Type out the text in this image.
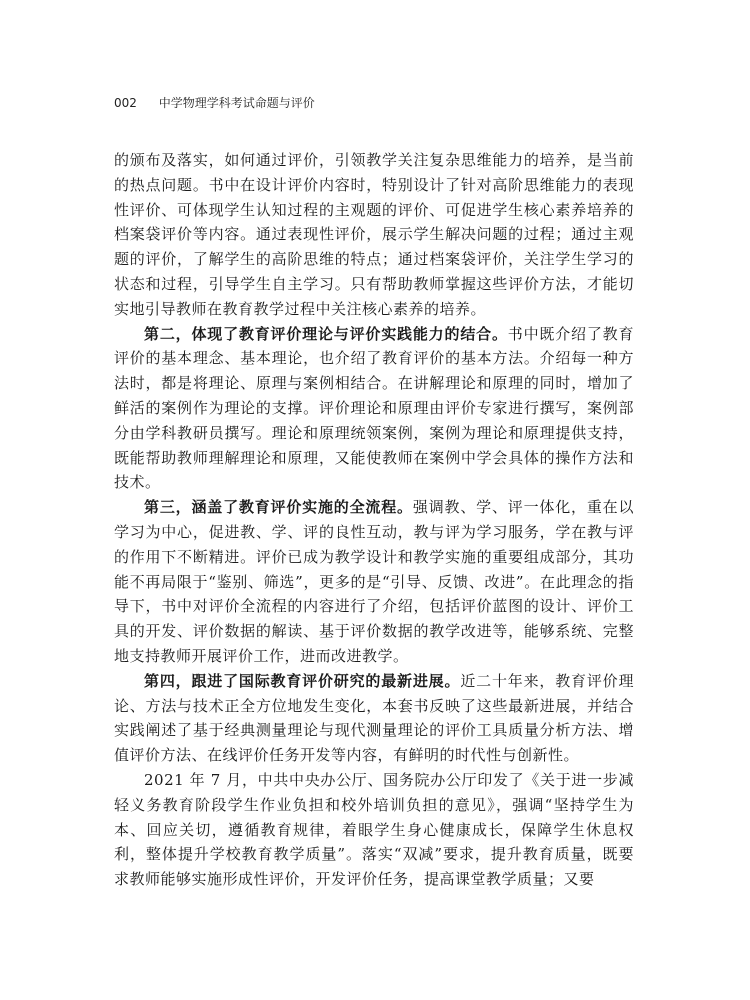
002 中学物理学科考试命题与评价

的颁布及落实，如何通过评价，引领教学关注复杂思维能力的培养，是当前的热点问题。书中在设计评价内容时，特别设计了针对高阶思维能力的表现性评价、可体现学生认知过程的主观题的评价、可促进学生核心素养培养的档案袋评价等内容。通过表现性评价，展示学生解决问题的过程；通过主观题的评价，了解学生的高阶思维的特点；通过档案袋评价，关注学生学习的状态和过程，引导学生自主学习。只有帮助教师掌握这些评价方法，才能切实地引导教师在教育教学过程中关注核心素养的培养。

第二，体现了教育评价理论与评价实践能力的结合。书中既介绍了教育评价的基本理念、基本理论，也介绍了教育评价的基本方法。介绍每一种方法时，都是将理论、原理与案例相结合。在讲解理论和原理的同时，增加了鲜活的案例作为理论的支撑。评价理论和原理由评价专家进行撰写，案例部分由学科教研员撰写。理论和原理统领案例，案例为理论和原理提供支持，既能帮助教师理解理论和原理，又能使教师在案例中学会具体的操作方法和技术。

第三，涵盖了教育评价实施的全流程。强调教、学、评一体化，重在以学习为中心，促进教、学、评的良性互动，教与评为学习服务，学在教与评的作用下不断精进。评价已成为教学设计和教学实施的重要组成部分，其功能不再局限于“鉴别、筛选”，更多的是“引导、反馈、改进”。在此理念的指导下，书中对评价全流程的内容进行了介绍，包括评价蓝图的设计、评价工具的开发、评价数据的解读、基于评价数据的教学改进等，能够系统、完整地支持教师开展评价工作，进而改进教学。

第四，跟进了国际教育评价研究的最新进展。近二十年来，教育评价理论、方法与技术正全方位地发生变化，本套书反映了这些最新进展，并结合实践阐述了基于经典测量理论与现代测量理论的评价工具质量分析方法、增值评价方法、在线评价任务开发等内容，有鲜明的时代性与创新性。

2021 年 7 月，中共中央办公厅、国务院办公厅印发了《关于进一步减轻义务教育阶段学生作业负担和校外培训负担的意见》，强调“坚持学生为本、回应关切，遵循教育规律，着眼学生身心健康成长，保障学生休息权利，整体提升学校教育教学质量”。落实“双减”要求，提升教育质量，既要求教师能够实施形成性评价，开发评价任务，提高课堂教学质量；又要
